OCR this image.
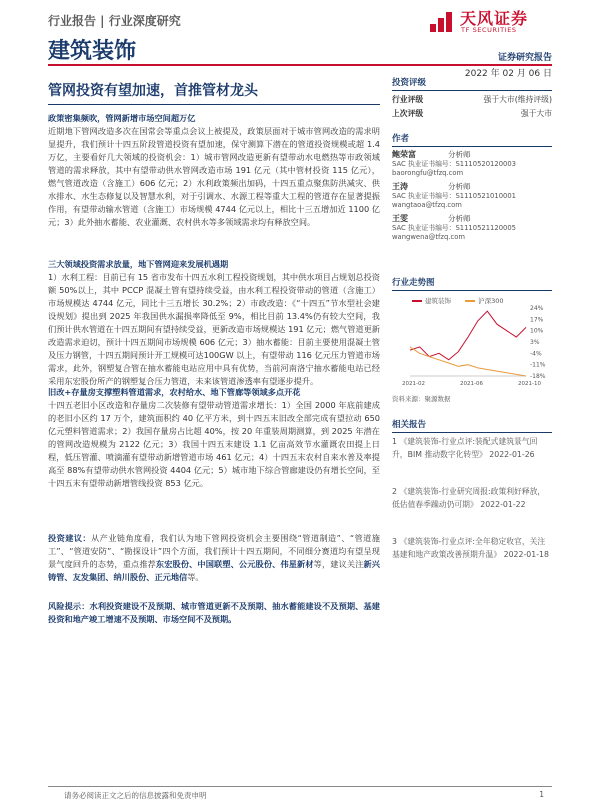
行业报告 | 行业深度研究	天风证券
TF SECURITIES
建筑装饰	证券研究报告
2022 年 02 月 06 日
管网投资有望加速，首推管材龙头
政策密集频吹，管网新增市场空间超万亿
近期地下管网改造多次在国常会等重点会议上被提及，政策层面对于城市管网改造的需求明显提升，我们预计十四五阶段管道投资有望加速，保守测算下潜在的管道投资规模或超 1.4 万亿，主要看好几大领域的投资机会：1）城市管网改造更新有望带动水电燃热等市政领域管道的需求释放，其中有望带动供水管网改造市场 191 亿元（其中管材投资 115 亿元），燃气管道改造（含施工）606 亿元；2）水利政策频出加码，十四五重点聚焦防洪减灾、供水排水、水生态修复以及智慧水利，对于引调水、水源工程等重大工程的管道存在显著提振作用，有望带动输水管道（含施工）市场规模 4744 亿元以上，相比十三五增加近 1100 亿元；3）此外抽水蓄能、农业灌溉、农村供水等多领域需求均有释放空间。
三大领域投资需求放量，地下管网迎来发展机遇期
1）水利工程：目前已有 15 省市发布十四五水利工程投资规划，其中供水项目占规划总投资额 50%以上，其中 PCCP 混凝土管有望持续受益，由水利工程投资带动的管道（含施工）市场规模达 4744 亿元，同比十三五增长 30.2%；2）市政改造：《“十四五”节水型社会建设规划》提出到 2025 年我国供水漏损率降低至 9%，相比目前 13.4%仍有较大空间，我们预计供水管道在十四五期间有望持续受益，更新改造市场规模达 191 亿元；燃气管道更新改造需求迫切，预计十四五期间市场规模 606 亿元；3）抽水蓄能：目前主要使用混凝土管及压力钢管，十四五期间预计开工规模可达100GW 以上，有望带动 116 亿元压力管道市场需求，此外，钢塑复合管在抽水蓄能电站应用中具有优势，当前河南洛宁抽水蓄能电站已经采用东宏股份所产的钢塑复合压力管道，未来该管道渗透率有望逐步提升。
旧改+存量房支撑塑料管道需求，农村给水、地下管廊等领域多点开花
十四五老旧小区改造和存量房二次装修有望带动管道需求增长：1）全国 2000 年底前建成的老旧小区约 17 万个，建筑面积约 40 亿平方米，到十四五末旧改全部完成有望拉动 650 亿元塑料管道需求；2）我国存量房占比超 40%，按 20 年重装周期测算，到 2025 年潜在的管网改造规模为 2122 亿元；3）我国十四五末建设 1.1 亿亩高效节水灌溉农田提上日程，低压管灌、喷滴灌有望带动新增管道市场 461 亿元；4）十四五末农村自来水普及率提高至 88%有望带动供水管网投资 4404 亿元；5）城市地下综合管廊建设仍有增长空间，至十四五末有望带动新增管线投资 853 亿元。
投资建议：从产业链角度看，我们认为地下管网投资机会主要围绕“管道制造”、“管道施工”、“管道安防”、“勘探设计”四个方面，我们预计十四五期间，不同细分赛道均有望呈现景气度回升的态势，重点推荐东宏股份、中国联塑、公元股份、伟星新材等，建议关注新兴铸管、友发集团、纳川股份、正元地信等。
风险提示：水利投资建设不及预期、城市管道更新不及预期、抽水蓄能建设不及预期、基建投资和地产竣工增速不及预期、市场空间不及预期。
投资评级
行业评级	强于大市(维持评级)
上次评级	强于大市
作者
鲍荣富	分析师
SAC 执业证书编号：S1110520120003
baorongfu@tfzq.com
王涛	分析师
SAC 执业证书编号：S1110521010001
wangtaoa@tfzq.com
王雯	分析师
SAC 执业证书编号：S1110521120005
wangwena@tfzq.com
行业走势图
建筑装饰	沪深300
24%
17%
10%
3%
-4%
-11%
-18%
2021-02	2021-06	2021-10
资料来源：聚源数据
相关报告
1 《建筑装饰-行业点评:装配式建筑景气回升，BIM 推动数字化转型》 2022-01-26
2 《建筑装饰-行业研究周报:政策利好释放，低估值春季躁动仍可期》 2022-01-22
3 《建筑装饰-行业点评:全年稳定收官，关注基建和地产政策改善预期升温》 2022-01-18
请务必阅读正文之后的信息披露和免责申明	1
